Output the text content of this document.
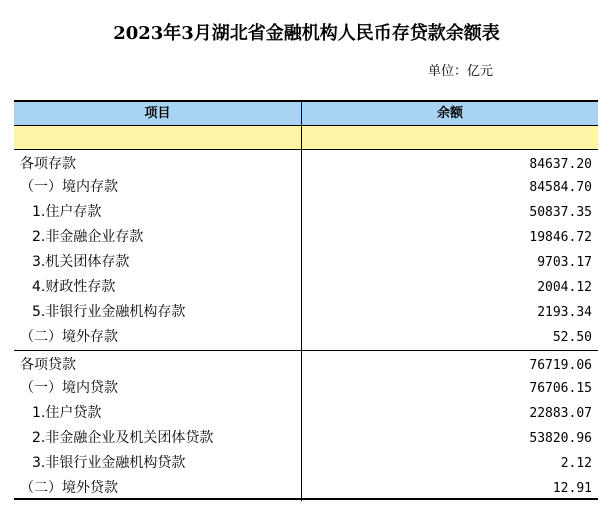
2023年3月湖北省金融机构人民币存贷款余额表
单位：亿元
项目	余额
各项存款	84637.20
（一）境内存款	84584.70
1.住户存款	50837.35
2.非金融企业存款	19846.72
3.机关团体存款	9703.17
4.财政性存款	2004.12
5.非银行业金融机构存款	2193.34
（二）境外存款	52.50
各项贷款	76719.06
（一）境内贷款	76706.15
1.住户贷款	22883.07
2.非金融企业及机关团体贷款	53820.96
3.非银行业金融机构贷款	2.12
（二）境外贷款	12.91
